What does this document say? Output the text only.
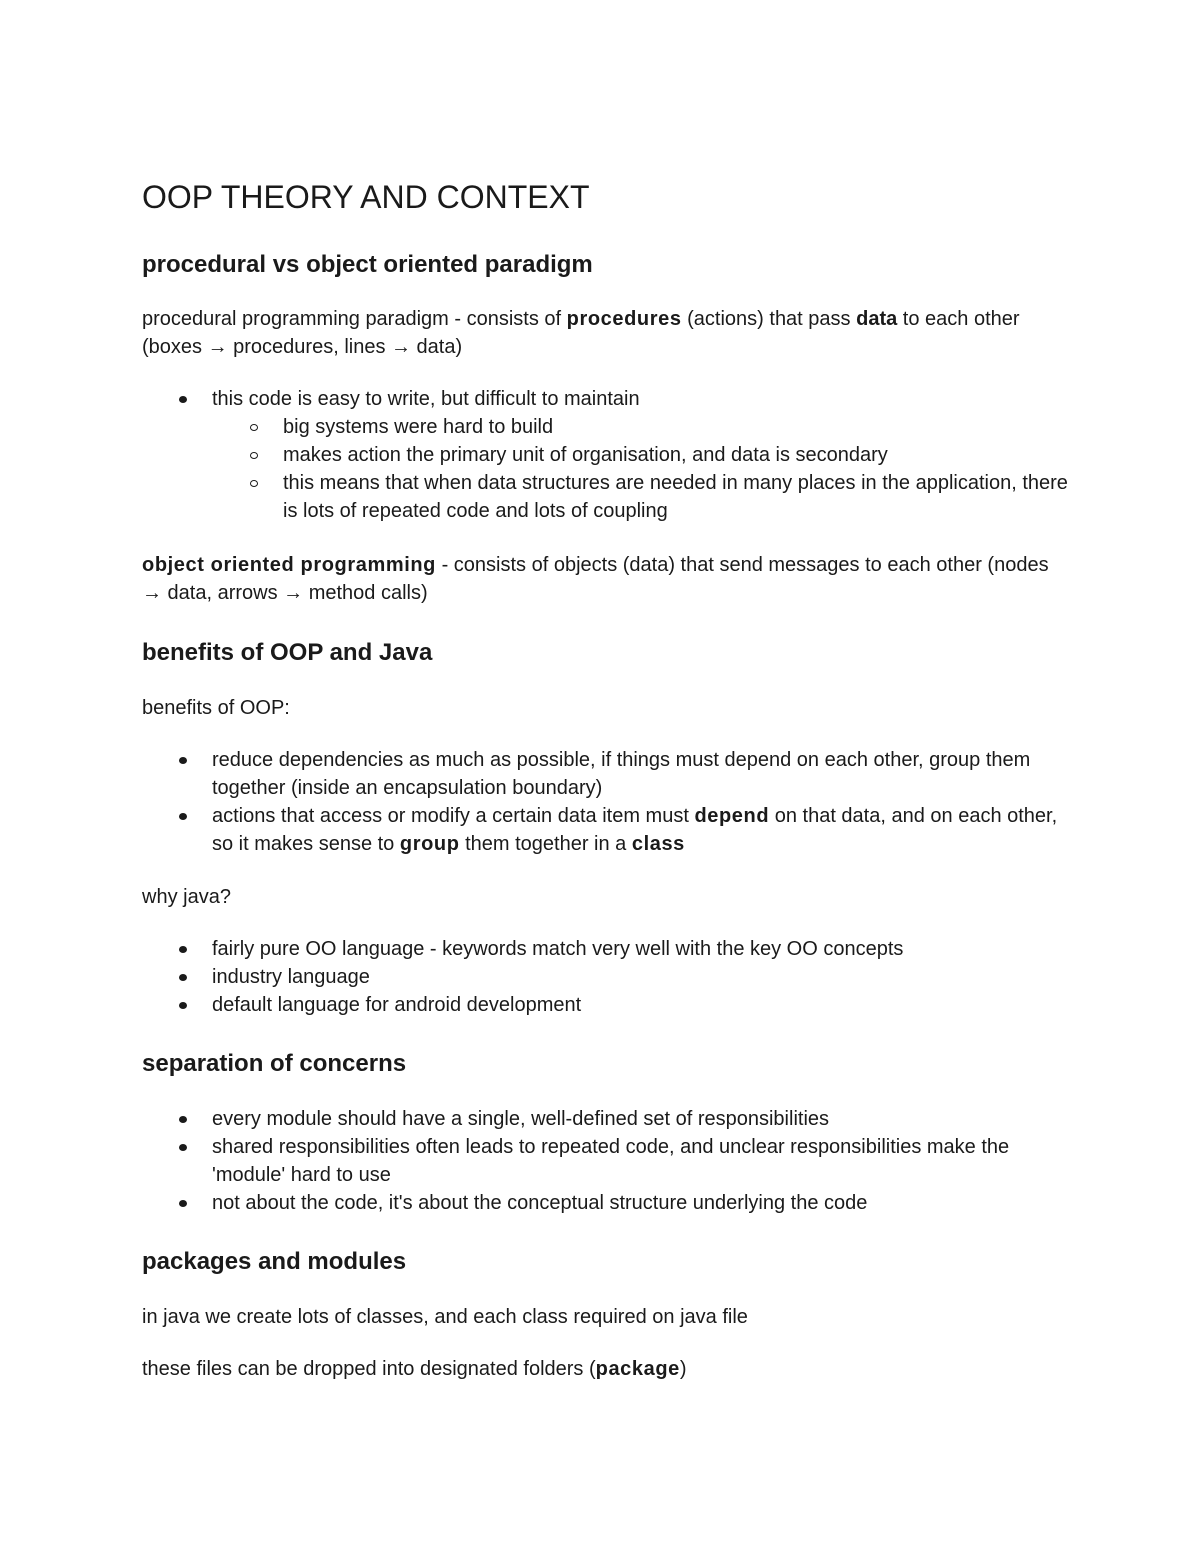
OOP THEORY AND CONTEXT
procedural vs object oriented paradigm

procedural programming paradigm - consists of procedures (actions) that pass data to each other (boxes → procedures, lines → data)

this code is easy to write, but difficult to maintain
big systems were hard to build
makes action the primary unit of organisation, and data is secondary
this means that when data structures are needed in many places in the application, there is lots of repeated code and lots of coupling

object oriented programming - consists of objects (data) that send messages to each other (nodes → data, arrows → method calls)

benefits of OOP and Java

benefits of OOP:

reduce dependencies as much as possible, if things must depend on each other, group them together (inside an encapsulation boundary)
actions that access or modify a certain data item must depend on that data, and on each other, so it makes sense to group them together in a class

why java?

fairly pure OO language - keywords match very well with the key OO concepts
industry language
default language for android development
separation of concerns
every module should have a single, well-defined set of responsibilities
shared responsibilities often leads to repeated code, and unclear responsibilities make the 'module' hard to use
not about the code, it's about the conceptual structure underlying the code
packages and modules

in java we create lots of classes, and each class required on java file

these files can be dropped into designated folders (package)
